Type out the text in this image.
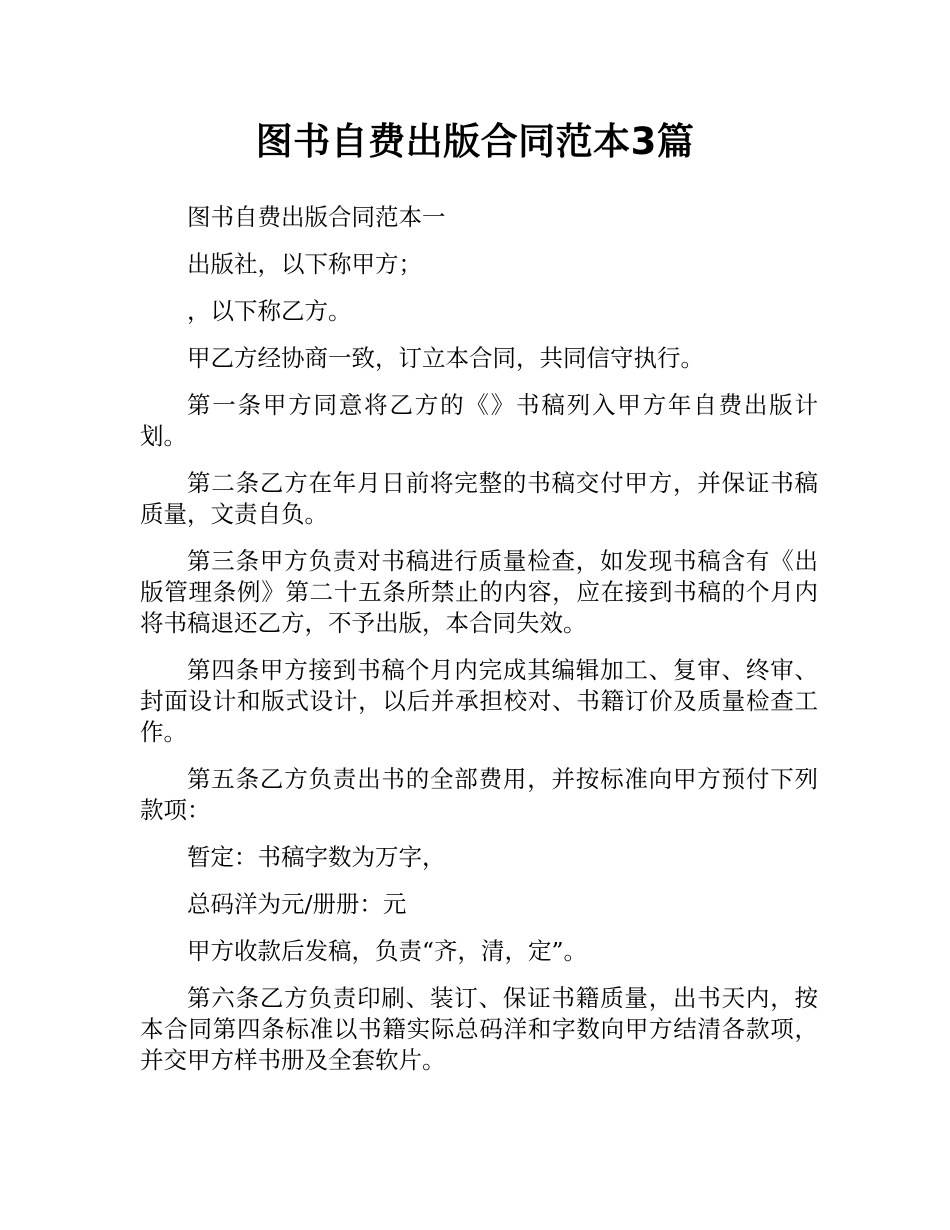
图书自费出版合同范本3篇

图书自费出版合同范本一

出版社，以下称甲方；

，以下称乙方。

甲乙方经协商一致，订立本合同，共同信守执行。

第一条甲方同意将乙方的《》书稿列入甲方年自费出版计划。

第二条乙方在年月日前将完整的书稿交付甲方，并保证书稿质量，文责自负。

第三条甲方负责对书稿进行质量检查，如发现书稿含有《出版管理条例》第二十五条所禁止的内容，应在接到书稿的个月内将书稿退还乙方，不予出版，本合同失效。

第四条甲方接到书稿个月内完成其编辑加工、复审、终审、封面设计和版式设计，以后并承担校对、书籍订价及质量检查工作。

第五条乙方负责出书的全部费用，并按标准向甲方预付下列款项：

暂定：书稿字数为万字，

总码洋为元/册册：元

甲方收款后发稿，负责“齐，清，定”。

第六条乙方负责印刷、装订、保证书籍质量，出书天内，按本合同第四条标准以书籍实际总码洋和字数向甲方结清各款项，并交甲方样书册及全套软片。
